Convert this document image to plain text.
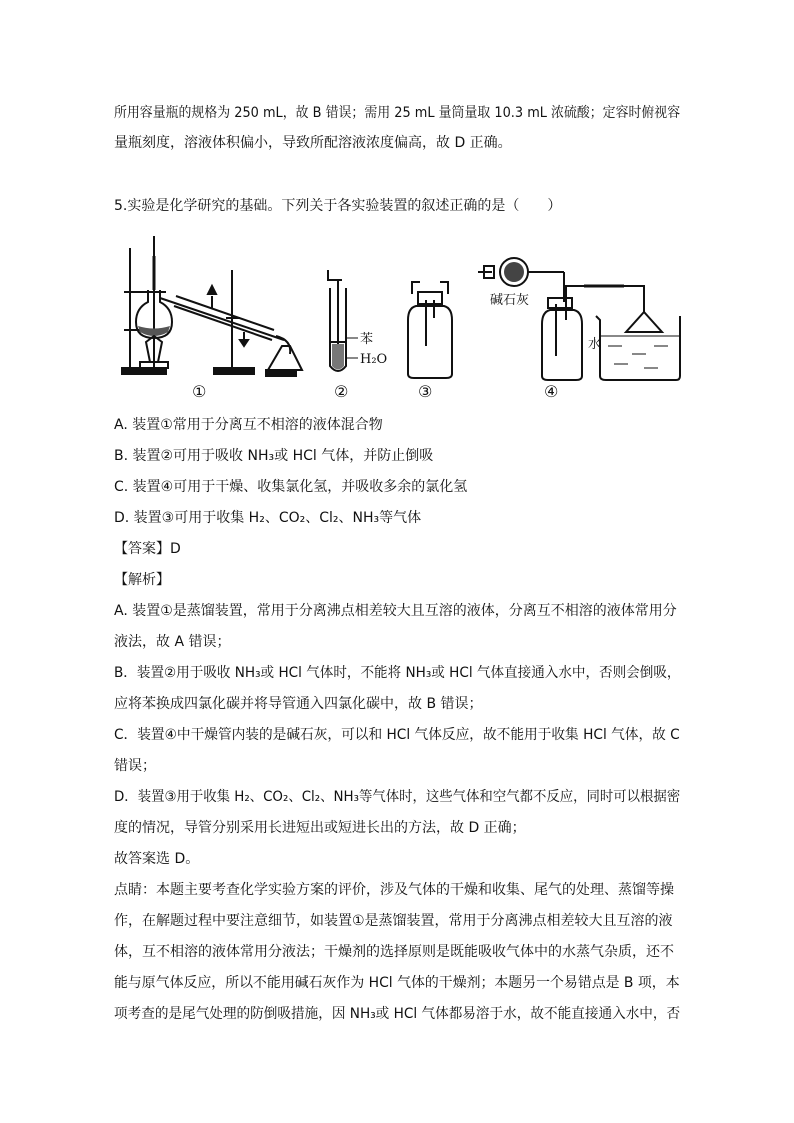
所用容量瓶的规格为 250 mL，故 B 错误；需用 25 mL 量筒量取 10.3 mL 浓硫酸；定容时俯视容
量瓶刻度，溶液体积偏小，导致所配溶液浓度偏高，故 D 正确。
5.实验是化学研究的基础。下列关于各实验装置的叙述正确的是（　　）
①
苯
H₂O
②	③
碱石灰
水
④
A. 装置①常用于分离互不相溶的液体混合物
B. 装置②可用于吸收 NH₃或 HCl 气体，并防止倒吸
C. 装置④可用于干燥、收集氯化氢，并吸收多余的氯化氢
D. 装置③可用于收集 H₂、CO₂、Cl₂、NH₃等气体
【答案】D
【解析】
A. 装置①是蒸馏装置，常用于分离沸点相差较大且互溶的液体，分离互不相溶的液体常用分
液法，故 A 错误；
B．装置②用于吸收 NH₃或 HCl 气体时，不能将 NH₃或 HCl 气体直接通入水中，否则会倒吸，
应将苯换成四氯化碳并将导管通入四氯化碳中，故 B 错误；
C．装置④中干燥管内装的是碱石灰，可以和 HCl 气体反应，故不能用于收集 HCl 气体，故 C
错误；
D．装置③用于收集 H₂、CO₂、Cl₂、NH₃等气体时，这些气体和空气都不反应，同时可以根据密
度的情况，导管分别采用长进短出或短进长出的方法，故 D 正确；
故答案选 D。
点睛：本题主要考查化学实验方案的评价，涉及气体的干燥和收集、尾气的处理、蒸馏等操
作，在解题过程中要注意细节，如装置①是蒸馏装置，常用于分离沸点相差较大且互溶的液
体，互不相溶的液体常用分液法；干燥剂的选择原则是既能吸收气体中的水蒸气杂质，还不
能与原气体反应，所以不能用碱石灰作为 HCl 气体的干燥剂；本题另一个易错点是 B 项，本
项考查的是尾气处理的防倒吸措施，因 NH₃或 HCl 气体都易溶于水，故不能直接通入水中，否
